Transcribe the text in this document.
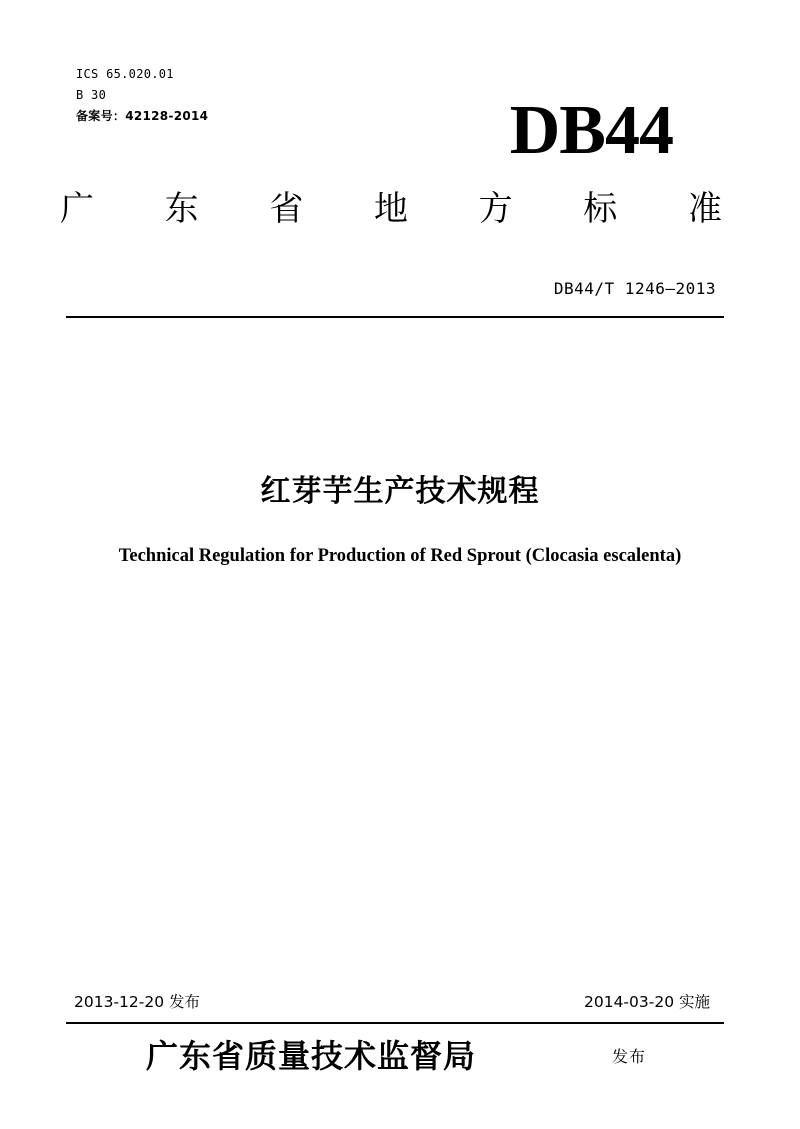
ICS 65.020.01
B 30
备案号：42128-2014	DB44
广 东 省 地 方 标 准
DB44/T 1246—2013
红芽芋生产技术规程
Technical Regulation for Production of Red Sprout (Clocasia escalenta)
2013-12-20 发布	2014-03-20 实施
广东省质量技术监督局	发布
